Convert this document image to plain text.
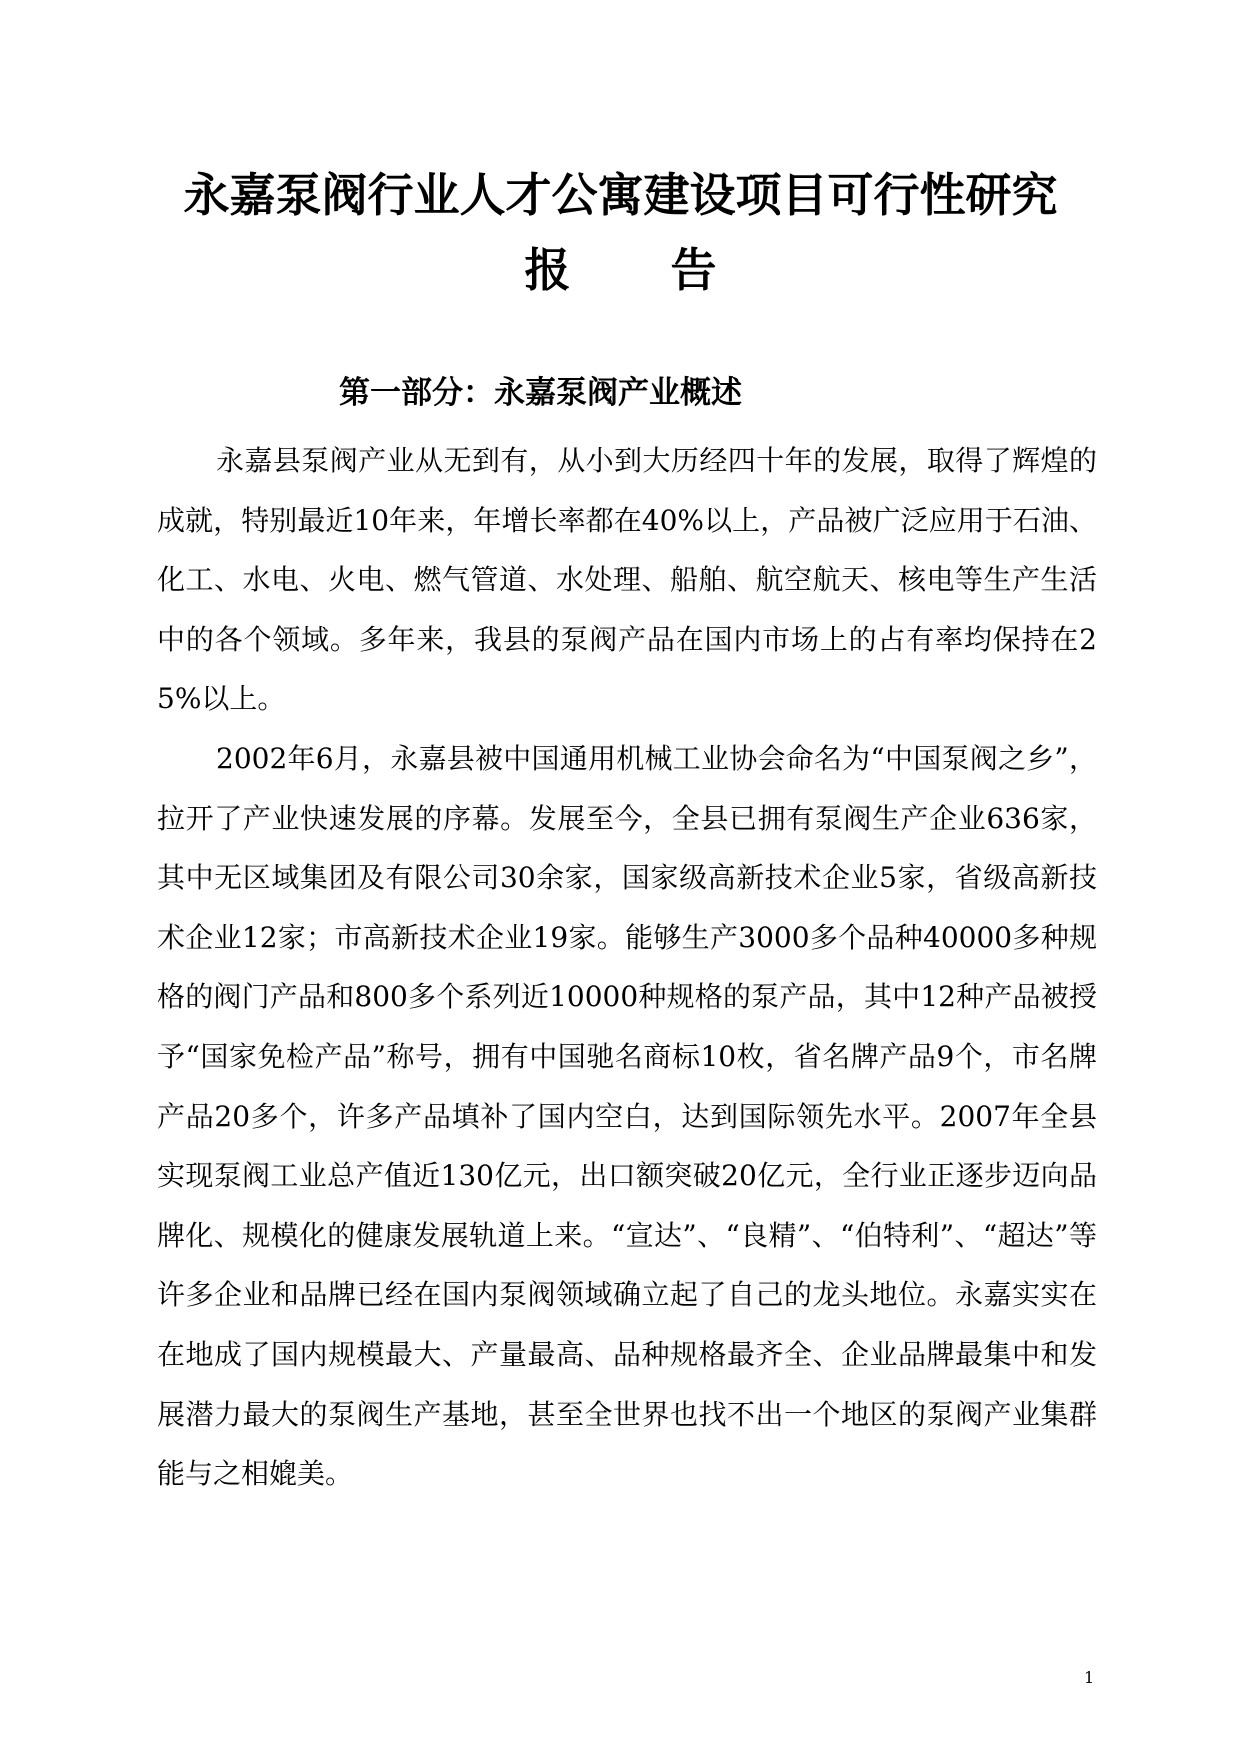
永嘉泵阀行业人才公寓建设项目可行性研究
报 告
第一部分：永嘉泵阀产业概述

永嘉县泵阀产业从无到有，从小到大历经四十年的发展，取得了辉煌的成就，特别最近10年来，年增长率都在40%以上，产品被广泛应用于石油、化工、水电、火电、燃气管道、水处理、船舶、航空航天、核电等生产生活中的各个领域。多年来，我县的泵阀产品在国内市场上的占有率均保持在25%以上。

2002年6月，永嘉县被中国通用机械工业协会命名为“中国泵阀之乡”，拉开了产业快速发展的序幕。发展至今，全县已拥有泵阀生产企业636家，其中无区域集团及有限公司30余家，国家级高新技术企业5家，省级高新技术企业12家；市高新技术企业19家。能够生产3000多个品种40000多种规格的阀门产品和800多个系列近10000种规格的泵产品，其中12种产品被授予“国家免检产品”称号，拥有中国驰名商标10枚，省名牌产品9个，市名牌产品20多个，许多产品填补了国内空白，达到国际领先水平。2007年全县实现泵阀工业总产值近130亿元，出口额突破20亿元，全行业正逐步迈向品牌化、规模化的健康发展轨道上来。“宣达”、“良精”、“伯特利”、“超达”等许多企业和品牌已经在国内泵阀领域确立起了自己的龙头地位。永嘉实实在在地成了国内规模最大、产量最高、品种规格最齐全、企业品牌最集中和发展潜力最大的泵阀生产基地，甚至全世界也找不出一个地区的泵阀产业集群能与之相媲美。

1
